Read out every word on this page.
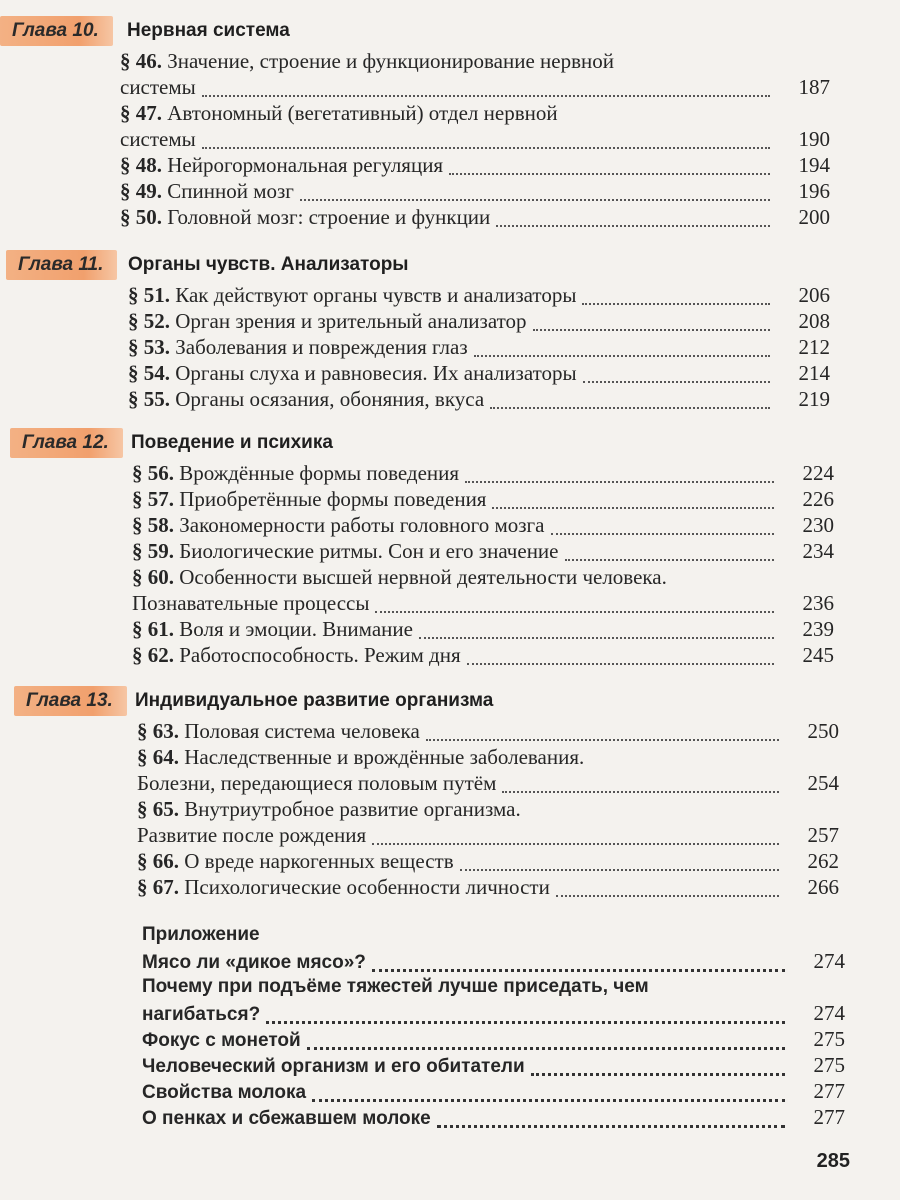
Глава 10.	Нервная система
§ 46. Значение, строение и функционирование нервной
системы	187
§ 47. Автономный (вегетативный) отдел нервной
системы	190
§ 48. Нейрогормональная регуляция	194
§ 49. Спинной мозг	196
§ 50. Головной мозг: строение и функции	200
Глава 11.	Органы чувств. Анализаторы
§ 51. Как действуют органы чувств и анализаторы	206
§ 52. Орган зрения и зрительный анализатор	208
§ 53. Заболевания и повреждения глаз	212
§ 54. Органы слуха и равновесия. Их анализаторы	214
§ 55. Органы осязания, обоняния, вкуса	219
Глава 12.	Поведение и психика
§ 56. Врождённые формы поведения	224
§ 57. Приобретённые формы поведения	226
§ 58. Закономерности работы головного мозга	230
§ 59. Биологические ритмы. Сон и его значение	234
§ 60. Особенности высшей нервной деятельности человека.
Познавательные процессы	236
§ 61. Воля и эмоции. Внимание	239
§ 62. Работоспособность. Режим дня	245
Глава 13.	Индивидуальное развитие организма
§ 63. Половая система человека	250
§ 64. Наследственные и врождённые заболевания.
Болезни, передающиеся половым путём	254
§ 65. Внутриутробное развитие организма.
Развитие после рождения	257
§ 66. О вреде наркогенных веществ	262
§ 67. Психологические особенности личности	266
Приложение
Мясо ли «дикое мясо»?	274
Почему при подъёме тяжестей лучше приседать, чем
нагибаться?	274
Фокус с монетой	275
Человеческий организм и его обитатели	275
Свойства молока	277
О пенках и сбежавшем молоке	277
285
